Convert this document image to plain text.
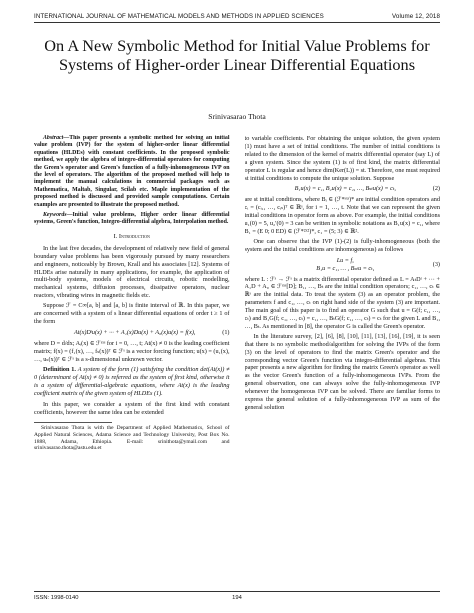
INTERNATIONAL JOURNAL OF MATHEMATICAL MODELS AND METHODS IN APPLIED SCIENCES	Volume 12, 2018
On A New Symbolic Method for Initial Value Problems for Systems of Higher-order Linear Differential Equations
Srinivasarao Thota
Abstract—This paper presents a symbolic method for solving an initial value problem (IVP) for the system of higher-order linear differential equations (HLDEs) with constant coefficients. In the proposed symbolic method, we apply the algebra of integro-differential operators for computing the Green's operator and Green's function of a fully-inhomogeneous IVP on the level of operators. The algorithm of the proposed method will help to implement the manual calculations in commercial packages such as Mathematica, Maltab, Singular, Scilab etc. Maple implementation of the proposed method is discussed and provided sample computations. Certain examples are presented to illustrate the proposed method.
Keywords—Initial value problems, Higher order linear differential systems, Green's function, Integro-differential algebra, Interpolation method.
I. Introduction

In the last five decades, the development of relatively new field of general boundary value problems has been vigorously pursued by many researchers and engineers, noticeably by Brown, Krall and his associates [12]. Systems of HLDEs arise naturally in many applications, for example, the application of multi-body systems, models of electrical circuits, robotic modelling, mechanical systems, diffusion processes, dissipative operators, nuclear reactors, vibrating wires in magnetic fields etc.

Suppose ℱ = C∞[a, b] and [a, b] is finite interval of ℝ. In this paper, we are concerned with a system of s linear differential equations of order t ≥ 1 of the form

At(x)Dᵗu(x) + ··· + A₁(x)Du(x) + A₀(x)u(x) = f(x),	(1)

where D = d/dx; Aᵢ(x) ∈ ℱˢˣˢ for i = 0, …, t; At(x) ≠ 0 is the leading coefficient matrix; f(x) = (f₁(x), …, fₛ(x))ᵀ ∈ ℱˢ is a vector forcing function; u(x) = (u₁(x), …, uₛ(x))ᵀ ∈ ℱˢ is a s-dimensional unknown vector.

Definition 1. A system of the form (1) satisfying the condition det(At(x)) ≠ 0 (determinant of At(x) ≠ 0) is referred as the system of first kind, otherwise it is a system of differential-algebraic equations, where At(x) is the leading coefficient matrix of the given system of HLDEs (1).

In this paper, we consider a system of the first kind with constant coefficients, however the same idea can be extended

Srinivasarao Thota is with the Department of Applied Mathematics, School of Applied Natural Sciences, Adama Science and Technology University, Post Box No. 1888, Adama, Ethiopia. E-mail: srinithota@ymail.com and srinivasarao.thota@astu.edu.et

to variable coefficients. For obtaining the unique solution, the given system (1) must have a set of initial conditions. The number of initial conditions is related to the dimension of the kernel of matrix differential operator (say L) of a given system. Since the system (1) is of first kind, the matrix differential operator L is regular and hence dim(Ker(L)) = st. Therefore, one must required st initial conditions to compute the unique solution. Suppose

B₁u(x) = c₁, B₂u(x) = c₂, …, Bₛₜu(x) = cₜ,	(2)

are st initial conditions, where Bᵢ ∈ (ℱ*ˢˣˢ)* are initial condition operators and cᵢ = (cᵢ₁, …, cᵢₛ)ᵀ ∈ ℝˢ, for i = 1, …, t. Note that we can represent the given initial conditions in operator form as above. For example, the initial conditions u₁(0) = 5, u₂′(0) = 3 can be written in symbolic notations as B₁u(x) = c₁, where B₁ = (E 0; 0 ED) ∈ (ℱ*²ˣ²)*, c₁ = (5; 3) ∈ ℝ².

One can observe that the IVP (1)-(2) is fully-inhomogeneous (both the system and the initial conditions are inhomogeneous) as follows

Lu = f,
B₁u = c₁, … , Bₛₜu = cₜ,
(3)

where L : ℱˢ → ℱˢ is a matrix differential operator defined as L = AₜDᵗ + ··· + A₁D + A₀ ∈ ℱˢˣˢ[D]; B₁, …, Bₜ are the initial condition operators; c₁, …, cₜ ∈ ℝˢ are the initial data. To treat the system (3) as an operator problem, the parameters f and c₁, …, cₜ on right hand side of the system (3) are important. The main goal of this paper is to find an operator G such that u = G(f; c₁, …, cₜ) and B₁G(f; c₁, …, cₜ) = c₁, …, BₜG(f; c₁, …, cₜ) = cₜ for the given L and B₁, …, Bₜ. As mentioned in [8], the operator G is called the Green's operator.

In the literature survey, [2], [6], [8], [10], [11], [13], [16], [19], it is seen that there is no symbolic method/algorithm for solving the IVPs of the form (3) on the level of operators to find the matrix Green's operator and the corresponding vector Green's function via integro-differential algebras. This paper presents a new algorithm for finding the matrix Green's operator as well as the vector Green's function of a fully-inhomogeneous IVPs. From the general observation, one can always solve the fully-inhomogeneous IVP whenever the homogeneous IVP can be solved. There are familiar forms to express the general solution of a fully-inhomogeneous IVP as sum of the general solution

ISSN: 1998-0140	194
